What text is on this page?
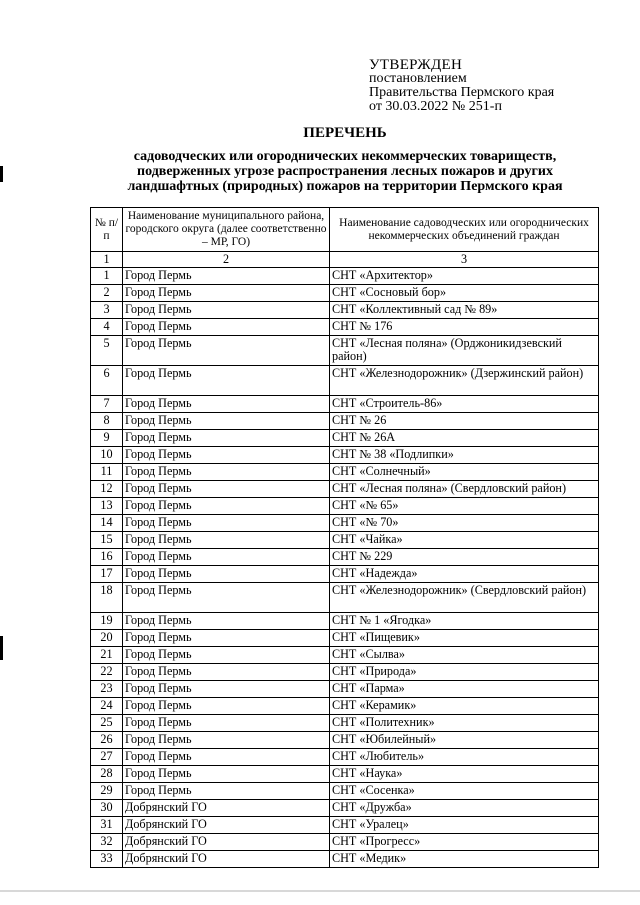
УТВЕРЖДЕН
постановлением
Правительства Пермского края
от 30.03.2022 № 251-п
ПЕРЕЧЕНЬ
садоводческих или огороднических некоммерческих товариществ,
подверженных угрозе распространения лесных пожаров и других
ландшафтных (природных) пожаров на территории Пермского края
№ п/п	Наименование муниципального района, городского округа (далее соответственно – МР, ГО)	Наименование садоводческих или огороднических некоммерческих объединений граждан
1	2	3
1	Город Пермь	СНТ «Архитектор»
2	Город Пермь	СНТ «Сосновый бор»
3	Город Пермь	СНТ «Коллективный сад № 89»
4	Город Пермь	СНТ № 176
5	Город Пермь	СНТ «Лесная поляна» (Орджоникидзевский район)
6	Город Пермь	СНТ «Железнодорожник» (Дзержинский район)
7	Город Пермь	СНТ «Строитель-86»
8	Город Пермь	СНТ № 26
9	Город Пермь	СНТ № 26А
10	Город Пермь	СНТ № 38 «Подлипки»
11	Город Пермь	СНТ «Солнечный»
12	Город Пермь	СНТ «Лесная поляна» (Свердловский район)
13	Город Пермь	СНТ «№ 65»
14	Город Пермь	СНТ «№ 70»
15	Город Пермь	СНТ «Чайка»
16	Город Пермь	СНТ № 229
17	Город Пермь	СНТ «Надежда»
18	Город Пермь	СНТ «Железнодорожник» (Свердловский район)
19	Город Пермь	СНТ № 1 «Ягодка»
20	Город Пермь	СНТ «Пищевик»
21	Город Пермь	СНТ «Сылва»
22	Город Пермь	СНТ «Природа»
23	Город Пермь	СНТ «Парма»
24	Город Пермь	СНТ «Керамик»
25	Город Пермь	СНТ «Политехник»
26	Город Пермь	СНТ «Юбилейный»
27	Город Пермь	СНТ «Любитель»
28	Город Пермь	СНТ «Наука»
29	Город Пермь	СНТ «Сосенка»
30	Добрянский ГО	СНТ «Дружба»
31	Добрянский ГО	СНТ «Уралец»
32	Добрянский ГО	СНТ «Прогресс»
33	Добрянский ГО	СНТ «Медик»
